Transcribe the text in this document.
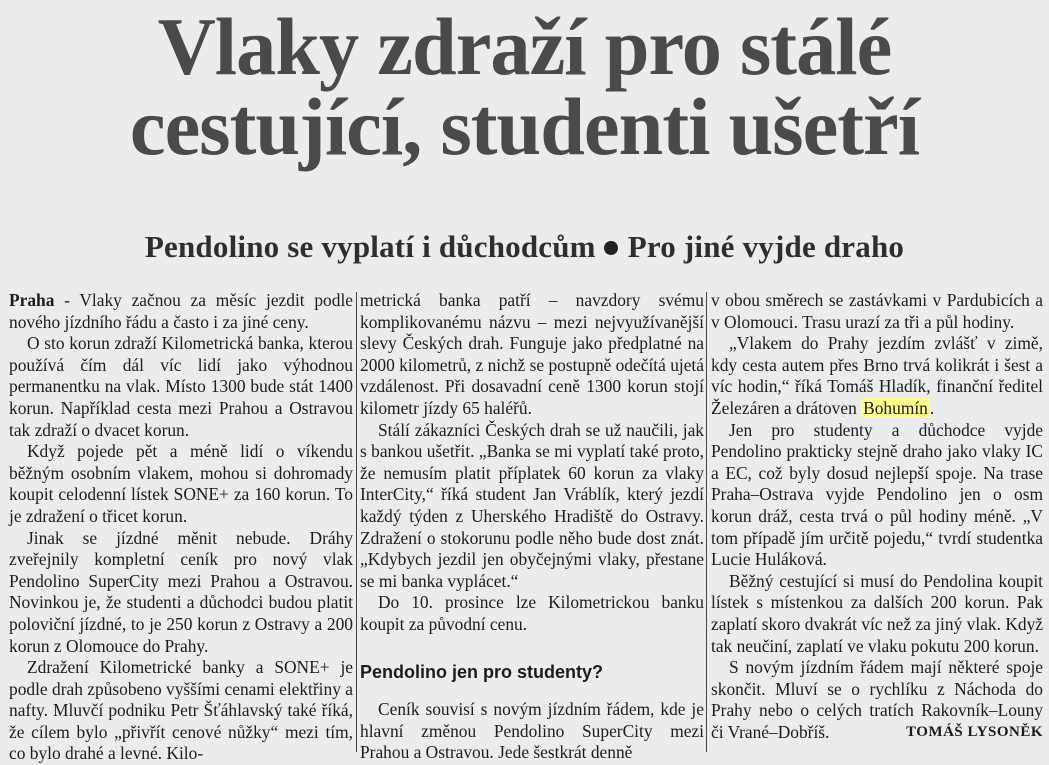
Vlaky zdraží pro stálé
cestující, studenti ušetří
Pendolino se vyplatí i důchodcům Pro jiné vyjde draho

Praha - Vlaky začnou za měsíc jezdit podle nového jízdního řádu a často i za jiné ceny.

O sto korun zdraží Kilometrická banka, kterou používá čím dál víc lidí jako výhodnou permanentku na vlak. Místo 1300 bude stát 1400 korun. Například cesta mezi Prahou a Ostravou tak zdraží o dvacet korun.

Když pojede pět a méně lidí o víkendu běžným osobním vlakem, mohou si dohromady koupit celodenní lístek SONE+ za 160 korun. To je zdražení o třicet korun.

Jinak se jízdné měnit nebude. Dráhy zveřejnily kompletní ceník pro nový vlak Pendolino SuperCity mezi Prahou a Ostravou. Novinkou je, že studenti a důchodci budou platit poloviční jízdné, to je 250 korun z Ostravy a 200 korun z Olomouce do Prahy.

Zdražení Kilometrické banky a SONE+ je podle drah způsobeno vyššími cenami elektřiny a nafty. Mluvčí podniku Petr Šťáhlavský také říká, že cílem bylo „přivřít cenové nůžky“ mezi tím, co bylo drahé a levné. Kilo-

metrická banka patří – navzdory svému komplikovanému názvu – mezi nejvyužívanější slevy Českých drah. Funguje jako předplatné na 2000 kilometrů, z nichž se postupně odečítá ujetá vzdálenost. Při dosavadní ceně 1300 korun stojí kilometr jízdy 65 haléřů.

Stálí zákazníci Českých drah se už naučili, jak s bankou ušetřit. „Banka se mi vyplatí také proto, že nemusím platit příplatek 60 korun za vlaky InterCity,“ říká student Jan Vráblík, který jezdí každý týden z Uherského Hradiště do Ostravy. Zdražení o stokorunu podle něho bude dost znát. „Kdybych jezdil jen obyčejnými vlaky, přestane se mi banka vyplácet.“

Do 10. prosince lze Kilometrickou banku koupit za původní cenu.

Pendolino jen pro studenty?

Ceník souvisí s novým jízdním řádem, kde je hlavní změnou Pendolino SuperCity mezi Prahou a Ostravou. Jede šestkrát denně

v obou směrech se zastávkami v Pardubicích a v Olomouci. Trasu urazí za tři a půl hodiny.

„Vlakem do Prahy jezdím zvlášť v zimě, kdy cesta autem přes Brno trvá kolikrát i šest a víc hodin,“ říká Tomáš Hladík, finanční ředitel Železáren a drátoven Bohumín .

Jen pro studenty a důchodce vyjde Pendolino prakticky stejně draho jako vlaky IC a EC, což byly dosud nejlepší spoje. Na trase Praha–Ostrava vyjde Pendolino jen o osm korun dráž, cesta trvá o půl hodiny méně. „V tom případě jím určitě pojedu,“ tvrdí studentka Lucie Huláková.

Běžný cestující si musí do Pendolina koupit lístek s místenkou za dalších 200 korun. Pak zaplatí skoro dvakrát víc než za jiný vlak. Když tak neučiní, zaplatí ve vlaku pokutu 200 korun.

S novým jízdním řádem mají některé spoje skončit. Mluví se o rychlíku z Náchoda do Prahy nebo o celých tratích Rakovník–Louny či Vrané–Dobříš.	TOMÁŠ LYSONĚK
